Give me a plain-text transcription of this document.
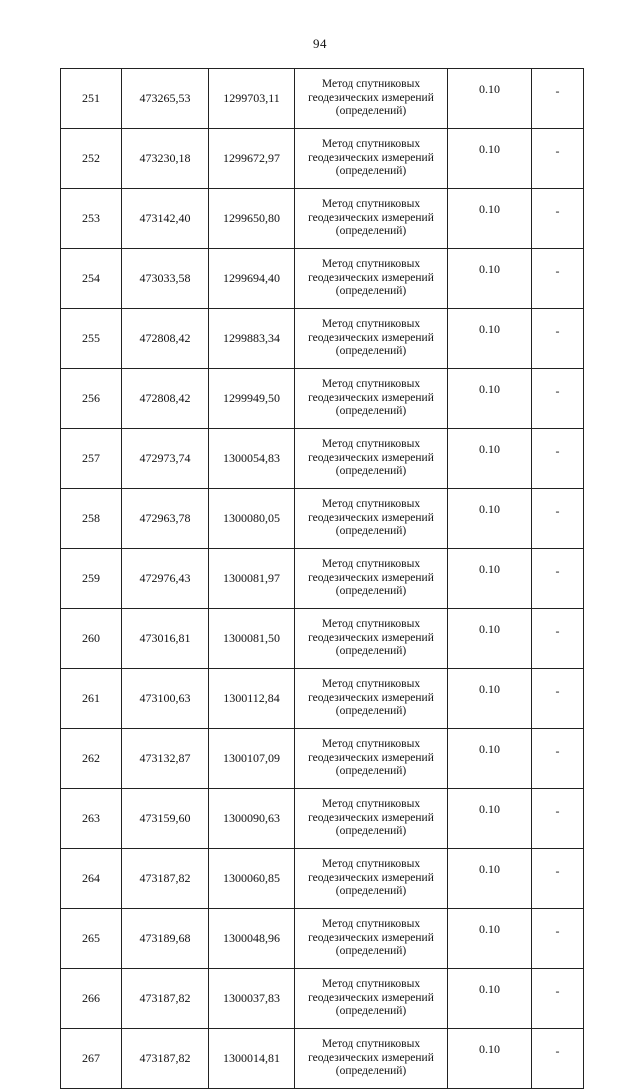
94
251	473265,53	1299703,11	Метод спутниковых
геодезических измерений
(определений)	0.10	-
252	473230,18	1299672,97	Метод спутниковых
геодезических измерений
(определений)	0.10	-
253	473142,40	1299650,80	Метод спутниковых
геодезических измерений
(определений)	0.10	-
254	473033,58	1299694,40	Метод спутниковых
геодезических измерений
(определений)	0.10	-
255	472808,42	1299883,34	Метод спутниковых
геодезических измерений
(определений)	0.10	-
256	472808,42	1299949,50	Метод спутниковых
геодезических измерений
(определений)	0.10	-
257	472973,74	1300054,83	Метод спутниковых
геодезических измерений
(определений)	0.10	-
258	472963,78	1300080,05	Метод спутниковых
геодезических измерений
(определений)	0.10	-
259	472976,43	1300081,97	Метод спутниковых
геодезических измерений
(определений)	0.10	-
260	473016,81	1300081,50	Метод спутниковых
геодезических измерений
(определений)	0.10	-
261	473100,63	1300112,84	Метод спутниковых
геодезических измерений
(определений)	0.10	-
262	473132,87	1300107,09	Метод спутниковых
геодезических измерений
(определений)	0.10	-
263	473159,60	1300090,63	Метод спутниковых
геодезических измерений
(определений)	0.10	-
264	473187,82	1300060,85	Метод спутниковых
геодезических измерений
(определений)	0.10	-
265	473189,68	1300048,96	Метод спутниковых
геодезических измерений
(определений)	0.10	-
266	473187,82	1300037,83	Метод спутниковых
геодезических измерений
(определений)	0.10	-
267	473187,82	1300014,81	Метод спутниковых
геодезических измерений
(определений)	0.10	-
